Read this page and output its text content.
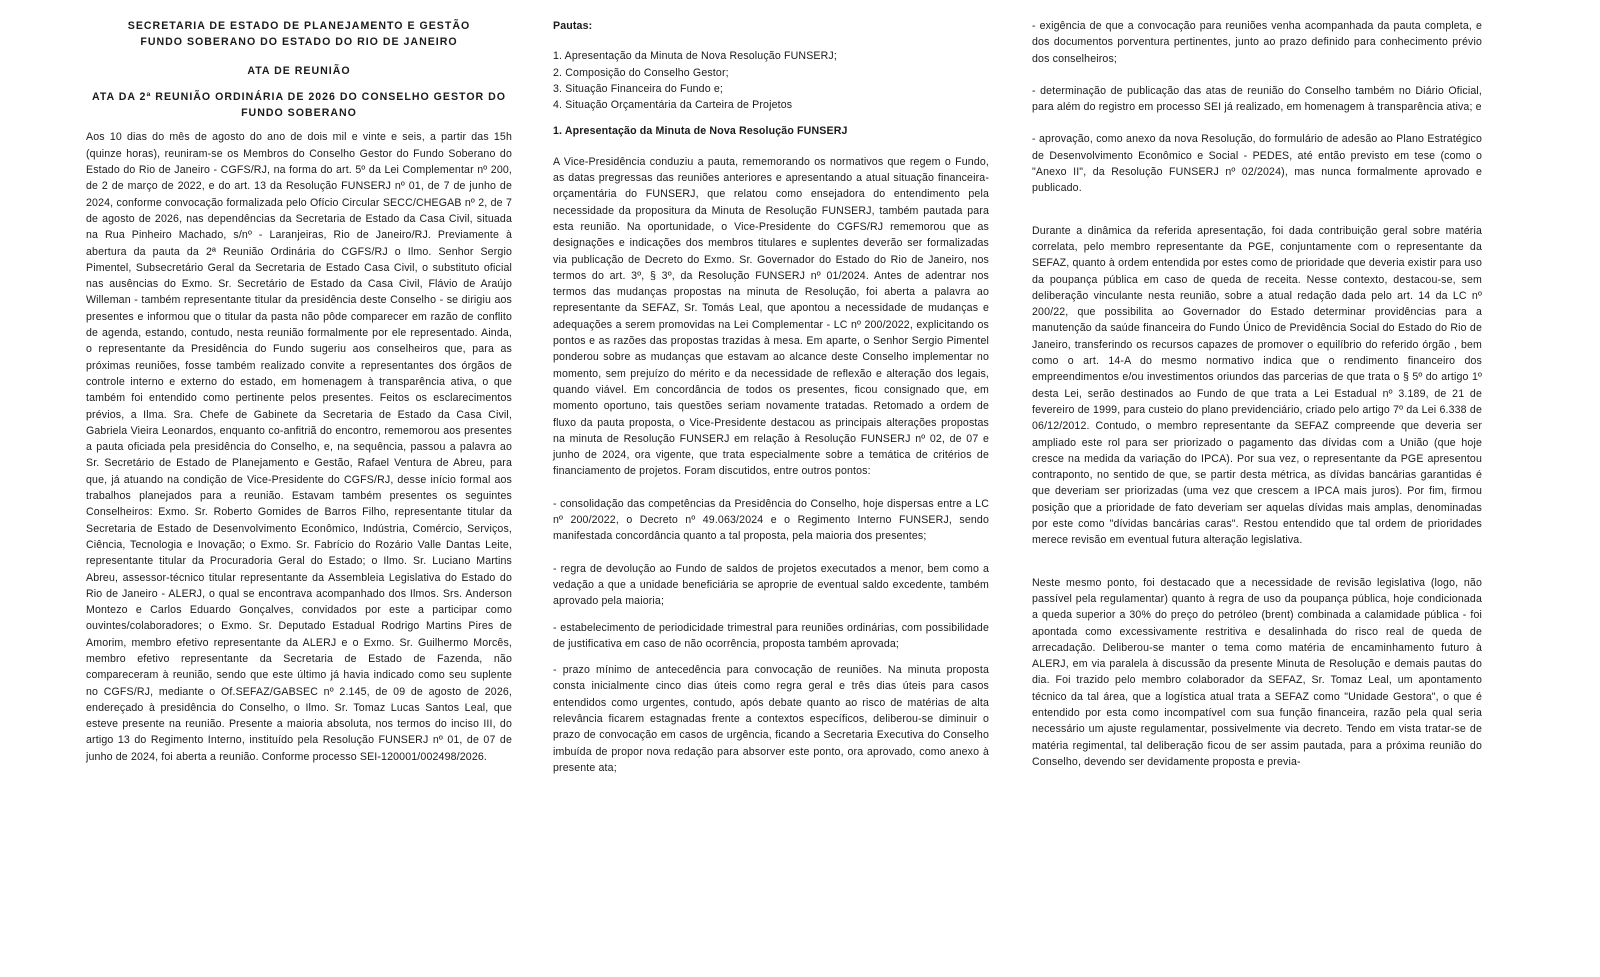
SECRETARIA DE ESTADO DE PLANEJAMENTO E GESTÃO
FUNDO SOBERANO DO ESTADO DO RIO DE JANEIRO
ATA DE REUNIÃO
ATA DA 2ª REUNIÃO ORDINÁRIA DE 2026 DO CONSELHO GESTOR DO FUNDO SOBERANO

Aos 10 dias do mês de agosto do ano de dois mil e vinte e seis, a partir das 15h (quinze horas), reuniram-se os Membros do Conselho Gestor do Fundo Soberano do Estado do Rio de Janeiro - CGFS/RJ, na forma do art. 5º da Lei Complementar nº 200, de 2 de março de 2022, e do art. 13 da Resolução FUNSERJ nº 01, de 7 de junho de 2024, conforme convocação formalizada pelo Ofício Circular SECC/CHEGAB nº 2, de 7 de agosto de 2026, nas dependências da Secretaria de Estado da Casa Civil, situada na Rua Pinheiro Machado, s/nº - Laranjeiras, Rio de Janeiro/RJ. Previamente à abertura da pauta da 2ª Reunião Ordinária do CGFS/RJ o Ilmo. Senhor Sergio Pimentel, Subsecretário Geral da Secretaria de Estado Casa Civil, o substituto oficial nas ausências do Exmo. Sr. Secretário de Estado da Casa Civil, Flávio de Araújo Willeman - também representante titular da presidência deste Conselho - se dirigiu aos presentes e informou que o titular da pasta não pôde comparecer em razão de conflito de agenda, estando, contudo, nesta reunião formalmente por ele representado. Ainda, o representante da Presidência do Fundo sugeriu aos conselheiros que, para as próximas reuniões, fosse também realizado convite a representantes dos órgãos de controle interno e externo do estado, em homenagem à transparência ativa, o que também foi entendido como pertinente pelos presentes. Feitos os esclarecimentos prévios, a Ilma. Sra. Chefe de Gabinete da Secretaria de Estado da Casa Civil, Gabriela Vieira Leonardos, enquanto co-anfitriã do encontro, rememorou aos presentes a pauta oficiada pela presidência do Conselho, e, na sequência, passou a palavra ao Sr. Secretário de Estado de Planejamento e Gestão, Rafael Ventura de Abreu, para que, já atuando na condição de Vice-Presidente do CGFS/RJ, desse início formal aos trabalhos planejados para a reunião. Estavam também presentes os seguintes Conselheiros: Exmo. Sr. Roberto Gomides de Barros Filho, representante titular da Secretaria de Estado de Desenvolvimento Econômico, Indústria, Comércio, Serviços, Ciência, Tecnologia e Inovação; o Exmo. Sr. Fabrício do Rozário Valle Dantas Leite, representante titular da Procuradoria Geral do Estado; o Ilmo. Sr. Luciano Martins Abreu, assessor-técnico titular representante da Assembleia Legislativa do Estado do Rio de Janeiro - ALERJ, o qual se encontrava acompanhado dos Ilmos. Srs. Anderson Montezo e Carlos Eduardo Gonçalves, convidados por este a participar como ouvintes/colaboradores; o Exmo. Sr. Deputado Estadual Rodrigo Martins Pires de Amorim, membro efetivo representante da ALERJ e o Exmo. Sr. Guilhermo Morcês, membro efetivo representante da Secretaria de Estado de Fazenda, não compareceram à reunião, sendo que este último já havia indicado como seu suplente no CGFS/RJ, mediante o Of.SEFAZ/GABSEC nº 2.145, de 09 de agosto de 2026, endereçado à presidência do Conselho, o Ilmo. Sr. Tomaz Lucas Santos Leal, que esteve presente na reunião. Presente a maioria absoluta, nos termos do inciso III, do artigo 13 do Regimento Interno, instituído pela Resolução FUNSERJ nº 01, de 07 de junho de 2024, foi aberta a reunião. Conforme processo SEI-120001/002498/2026.

Pautas:
1. Apresentação da Minuta de Nova Resolução FUNSERJ;
2. Composição do Conselho Gestor;
3. Situação Financeira do Fundo e;
4. Situação Orçamentária da Carteira de Projetos
1. Apresentação da Minuta de Nova Resolução FUNSERJ

A Vice-Presidência conduziu a pauta, rememorando os normativos que regem o Fundo, as datas pregressas das reuniões anteriores e apresentando a atual situação financeira-orçamentária do FUNSERJ, que relatou como ensejadora do entendimento pela necessidade da propositura da Minuta de Resolução FUNSERJ, também pautada para esta reunião. Na oportunidade, o Vice-Presidente do CGFS/RJ rememorou que as designações e indicações dos membros titulares e suplentes deverão ser formalizadas via publicação de Decreto do Exmo. Sr. Governador do Estado do Rio de Janeiro, nos termos do art. 3º, § 3º, da Resolução FUNSERJ nº 01/2024. Antes de adentrar nos termos das mudanças propostas na minuta de Resolução, foi aberta a palavra ao representante da SEFAZ, Sr. Tomás Leal, que apontou a necessidade de mudanças e adequações a serem promovidas na Lei Complementar - LC nº 200/2022, explicitando os pontos e as razões das propostas trazidas à mesa. Em aparte, o Senhor Sergio Pimentel ponderou sobre as mudanças que estavam ao alcance deste Conselho implementar no momento, sem prejuízo do mérito e da necessidade de reflexão e alteração dos legais, quando viável. Em concordância de todos os presentes, ficou consignado que, em momento oportuno, tais questões seriam novamente tratadas. Retomado a ordem de fluxo da pauta proposta, o Vice-Presidente destacou as principais alterações propostas na minuta de Resolução FUNSERJ em relação à Resolução FUNSERJ nº 02, de 07 e junho de 2024, ora vigente, que trata especialmente sobre a temática de critérios de financiamento de projetos. Foram discutidos, entre outros pontos:

- consolidação das competências da Presidência do Conselho, hoje dispersas entre a LC nº 200/2022, o Decreto nº 49.063/2024 e o Regimento Interno FUNSERJ, sendo manifestada concordância quanto a tal proposta, pela maioria dos presentes;

- regra de devolução ao Fundo de saldos de projetos executados a menor, bem como a vedação a que a unidade beneficiária se aproprie de eventual saldo excedente, também aprovado pela maioria;

- estabelecimento de periodicidade trimestral para reuniões ordinárias, com possibilidade de justificativa em caso de não ocorrência, proposta também aprovada;

- prazo mínimo de antecedência para convocação de reuniões. Na minuta proposta consta inicialmente cinco dias úteis como regra geral e três dias úteis para casos entendidos como urgentes, contudo, após debate quanto ao risco de matérias de alta relevância ficarem estagnadas frente a contextos específicos, deliberou-se diminuir o prazo de convocação em casos de urgência, ficando a Secretaria Executiva do Conselho imbuída de propor nova redação para absorver este ponto, ora aprovado, como anexo à presente ata;

- exigência de que a convocação para reuniões venha acompanhada da pauta completa, e dos documentos porventura pertinentes, junto ao prazo definido para conhecimento prévio dos conselheiros;

- determinação de publicação das atas de reunião do Conselho também no Diário Oficial, para além do registro em processo SEI já realizado, em homenagem à transparência ativa; e

- aprovação, como anexo da nova Resolução, do formulário de adesão ao Plano Estratégico de Desenvolvimento Econômico e Social - PEDES, até então previsto em tese (como o "Anexo II", da Resolução FUNSERJ nº 02/2024), mas nunca formalmente aprovado e publicado.

Durante a dinâmica da referida apresentação, foi dada contribuição geral sobre matéria correlata, pelo membro representante da PGE, conjuntamente com o representante da SEFAZ, quanto à ordem entendida por estes como de prioridade que deveria existir para uso da poupança pública em caso de queda de receita. Nesse contexto, destacou-se, sem deliberação vinculante nesta reunião, sobre a atual redação dada pelo art. 14 da LC nº 200/22, que possibilita ao Governador do Estado determinar providências para a manutenção da saúde financeira do Fundo Único de Previdência Social do Estado do Rio de Janeiro, transferindo os recursos capazes de promover o equilíbrio do referido órgão , bem como o art. 14-A do mesmo normativo indica que o rendimento financeiro dos empreendimentos e/ou investimentos oriundos das parcerias de que trata o § 5º do artigo 1º desta Lei, serão destinados ao Fundo de que trata a Lei Estadual nº 3.189, de 21 de fevereiro de 1999, para custeio do plano previdenciário, criado pelo artigo 7º da Lei 6.338 de 06/12/2012. Contudo, o membro representante da SEFAZ compreende que deveria ser ampliado este rol para ser priorizado o pagamento das dívidas com a União (que hoje cresce na medida da variação do IPCA). Por sua vez, o representante da PGE apresentou contraponto, no sentido de que, se partir desta métrica, as dívidas bancárias garantidas é que deveriam ser priorizadas (uma vez que crescem a IPCA mais juros). Por fim, firmou posição que a prioridade de fato deveriam ser aquelas dívidas mais amplas, denominadas por este como "dívidas bancárias caras". Restou entendido que tal ordem de prioridades merece revisão em eventual futura alteração legislativa.

Neste mesmo ponto, foi destacado que a necessidade de revisão legislativa (logo, não passível pela regulamentar) quanto à regra de uso da poupança pública, hoje condicionada a queda superior a 30% do preço do petróleo (brent) combinada a calamidade pública - foi apontada como excessivamente restritiva e desalinhada do risco real de queda de arrecadação. Deliberou-se manter o tema como matéria de encaminhamento futuro à ALERJ, em via paralela à discussão da presente Minuta de Resolução e demais pautas do dia. Foi trazido pelo membro colaborador da SEFAZ, Sr. Tomaz Leal, um apontamento técnico da tal área, que a logística atual trata a SEFAZ como "Unidade Gestora", o que é entendido por esta como incompatível com sua função financeira, razão pela qual seria necessário um ajuste regulamentar, possivelmente via decreto. Tendo em vista tratar-se de matéria regimental, tal deliberação ficou de ser assim pautada, para a próxima reunião do Conselho, devendo ser devidamente proposta e previa-
